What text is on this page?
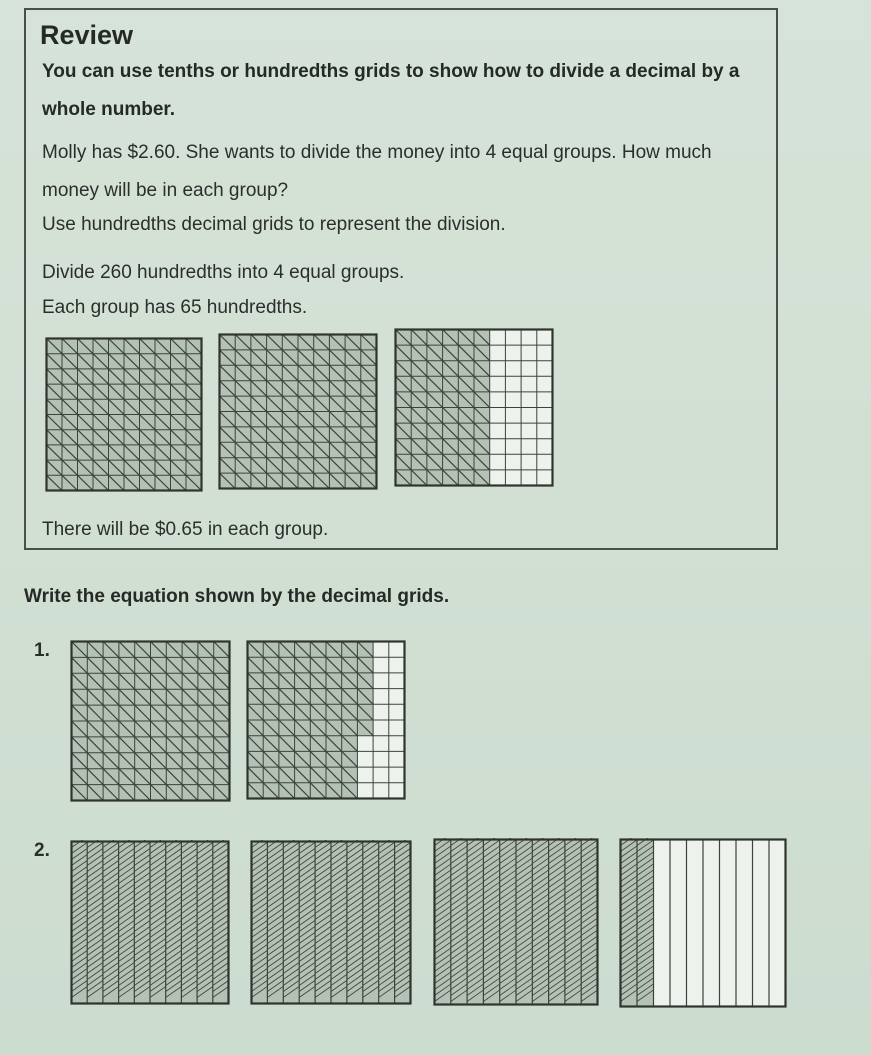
Review

You can use tenths or hundredths grids to show how to divide a decimal by a whole number.

Molly has $2.60. She wants to divide the money into 4 equal groups. How much money will be in each group?

Use hundredths decimal grids to represent the division.

Divide 260 hundredths into 4 equal groups.

Each group has 65 hundredths.

There will be $0.65 in each group.

Write the equation shown by the decimal grids.

1.
2.
